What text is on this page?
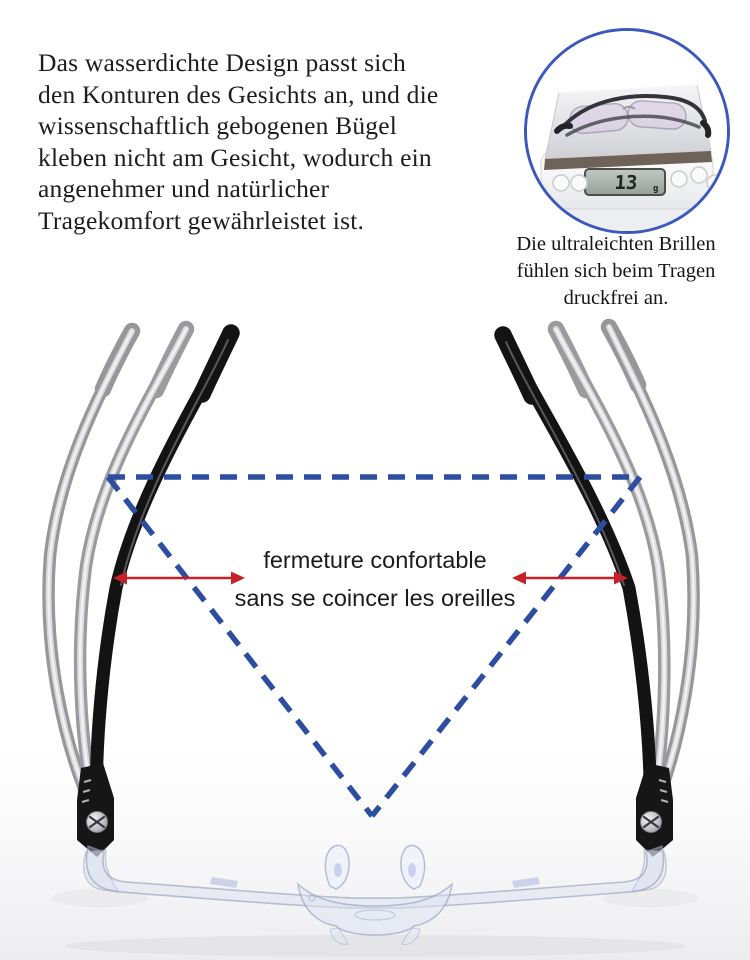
Das wasserdichte Design passt sich
den Konturen des Gesichts an, und die
wissenschaftlich gebogenen Bügel
kleben nicht am Gesicht, wodurch ein
angenehmer und natürlicher
Tragekomfort gewährleistet ist.
13 g
Die ultraleichten Brillen
fühlen sich beim Tragen
druckfrei an.
fermeture confortable
sans se coincer les oreilles
